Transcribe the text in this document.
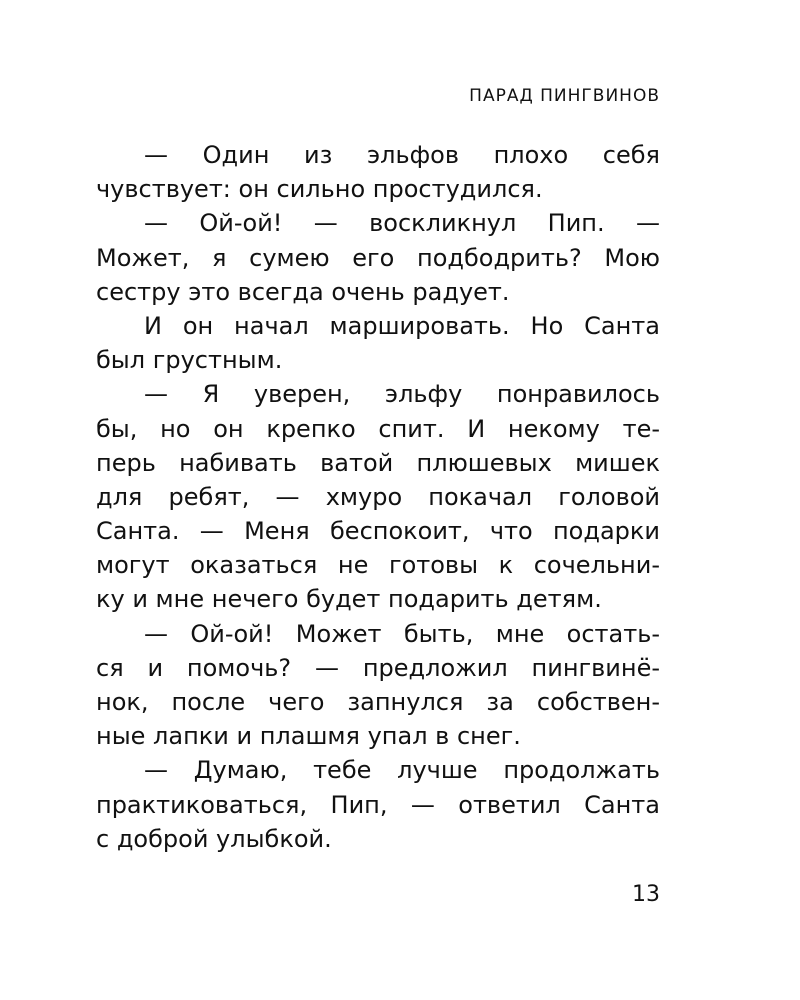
ПАРАД ПИНГВИНОВ
— Один из эльфов плохо себя
чувствует: он сильно простудился.
— Ой-ой! — воскликнул Пип. —
Может, я сумею его подбодрить? Мою
сестру это всегда очень радует.
И он начал маршировать. Но Санта
был грустным.
— Я уверен, эльфу понравилось
бы, но он крепко спит. И некому те-
перь набивать ватой плюшевых мишек
для ребят, — хмуро покачал головой
Санта. — Меня беспокоит, что подарки
могут оказаться не готовы к сочельни-
ку и мне нечего будет подарить детям.
— Ой-ой! Может быть, мне остать-
ся и помочь? — предложил пингвинё-
нок, после чего запнулся за собствен-
ные лапки и плашмя упал в снег.
— Думаю, тебе лучше продолжать
практиковаться, Пип, — ответил Санта
с доброй улыбкой.
13
